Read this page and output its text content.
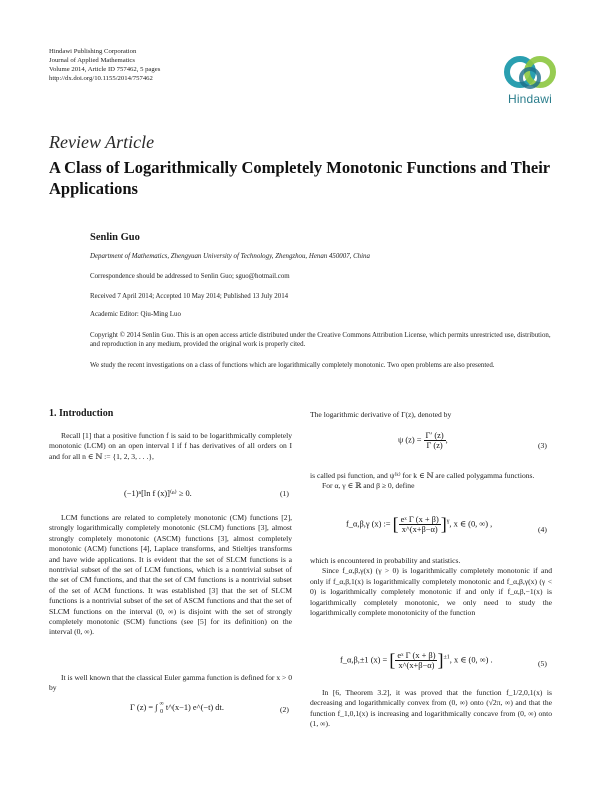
Hindawi Publishing Corporation
Journal of Applied Mathematics
Volume 2014, Article ID 757462, 5 pages
http://dx.doi.org/10.1155/2014/757462
Hindawi
Review Article
A Class of Logarithmically Completely Monotonic Functions and Their Applications
Senlin Guo
Department of Mathematics, Zhengyuan University of Technology, Zhengzhou, Henan 450007, China
Correspondence should be addressed to Senlin Guo; sguo@hotmail.com
Received 7 April 2014; Accepted 10 May 2014; Published 13 July 2014
Academic Editor: Qiu-Ming Luo
Copyright © 2014 Senlin Guo. This is an open access article distributed under the Creative Commons Attribution License, which permits unrestricted use, distribution, and reproduction in any medium, provided the original work is properly cited.
We study the recent investigations on a class of functions which are logarithmically completely monotonic. Two open problems are also presented.
1. Introduction

Recall [1] that a positive function f is said to be logarithmically completely monotonic (LCM) on an open interval I if f has derivatives of all orders on I and for all n ∈ ℕ := {1, 2, 3, . . .},

(−1)ⁿ[ln f (x)]⁽ⁿ⁾ ≥ 0.	(1)

LCM functions are related to completely monotonic (CM) functions [2], strongly logarithmically completely monotonic (SLCM) functions [3], almost strongly completely monotonic (ASCM) functions [3], almost completely monotonic (ACM) functions [4], Laplace transforms, and Stieltjes transforms and have wide applications. It is evident that the set of SLCM functions is a nontrivial subset of the set of LCM functions, which is a nontrivial subset of the set of CM functions, and that the set of CM functions is a nontrivial subset of the set of ACM functions. It was established [3] that the set of SLCM functions is a nontrivial subset of the set of ASCM functions and that the set of SLCM functions on the interval (0, ∞) is disjoint with the set of strongly completely monotonic (SCM) functions (see [5] for its definition) on the interval (0, ∞).

It is well known that the classical Euler gamma function is defined for x > 0 by

Γ (z) = ∫ ∞
0
t^(x−1) e^(−t) dt.	(2)

The logarithmic derivative of Γ(z), denoted by

ψ $(z) = \frac{\Gamma' (z)}{\Gamma (z)}$ ,
(3)

is called psi function, and ψ⁽ᵏ⁾ for k ∈ ℕ are called polygamma functions.

For α, γ ∈ ℝ and β ≥ 0, define

f_α,β,γ (x) := [ $\frac{\text{eˣ Γ (x + β)}}{x\^{}(x+\beta-\alpha)} ]^\gamma$, x ∈ (0, ∞) ,
(4)

which is encountered in probability and statistics.

Since f_α,β,γ(x) (γ > 0) is logarithmically completely monotonic if and only if f_α,β,1(x) is logarithmically completely monotonic and f_α,β,γ(x) (γ < 0) is logarithmically completely monotonic if and only if f_α,β,−1(x) is logarithmically completely monotonic, we only need to study the logarithmically complete monotonicity of the function

f_α,β,±1 (x) = [ $\frac{\text{eˣ Γ (x + β)}}{x\^{}(x+\beta-\alpha)} ]^{\pm 1}$, x ∈ (0, ∞) .	(5)

In [6, Theorem 3.2], it was proved that the function f_1/2,0,1(x) is decreasing and logarithmically convex from (0, ∞) onto (√2π, ∞) and that the function f_1,0,1(x) is increasing and logarithmically concave from (0, ∞) onto (1, ∞).
